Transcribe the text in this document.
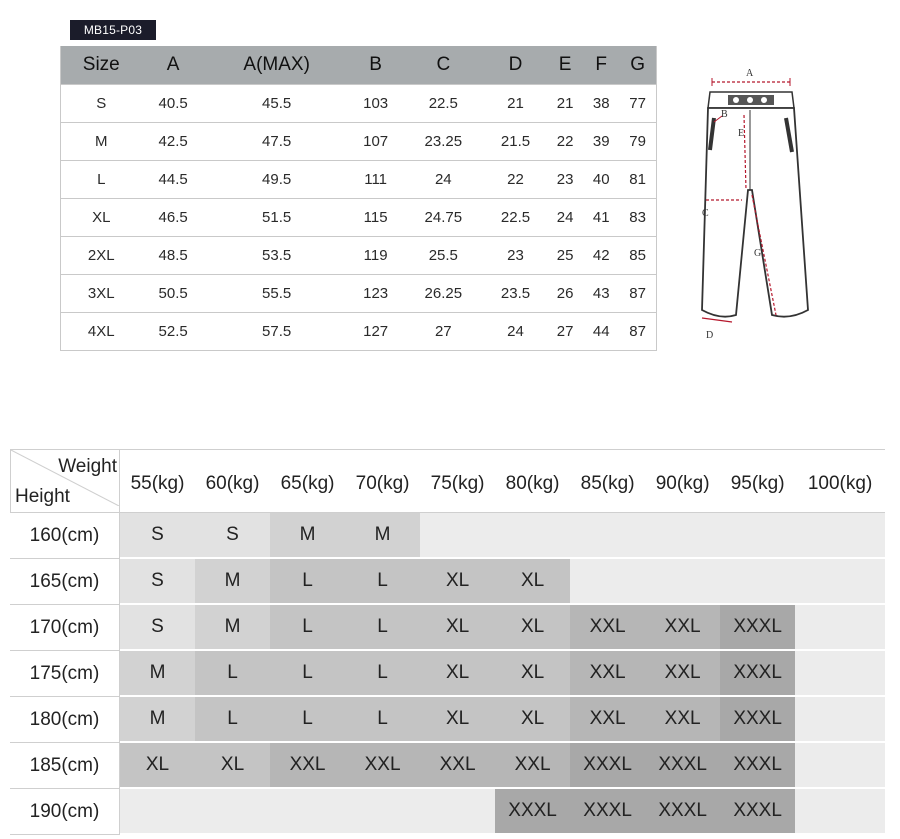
MB15-P03
Size	A	A(MAX)	B	C	D	E	F	G
S	40.5	45.5	103	22.5	21	21	38	77
M	42.5	47.5	107	23.25	21.5	22	39	79
L	44.5	49.5	111	24	22	23	40	81
XL	46.5	51.5	115	24.75	22.5	24	41	83
2XL	48.5	53.5	119	25.5	23	25	42	85
3XL	50.5	55.5	123	26.25	23.5	26	43	87
4XL	52.5	57.5	127	27	24	27	44	87
A
B
E
C
G
D
Weight
Height	55(kg)	60(kg)	65(kg)	70(kg)	75(kg)	80(kg)	85(kg)	90(kg)	95(kg)	100(kg)
160(cm)	S	S	M	M						
165(cm)	S	M	L	L	XL	XL				
170(cm)	S	M	L	L	XL	XL	XXL	XXL	XXXL	
175(cm)	M	L	L	L	XL	XL	XXL	XXL	XXXL	
180(cm)	M	L	L	L	XL	XL	XXL	XXL	XXXL	
185(cm)	XL	XL	XXL	XXL	XXL	XXL	XXXL	XXXL	XXXL	
190(cm)						XXXL	XXXL	XXXL	XXXL	
